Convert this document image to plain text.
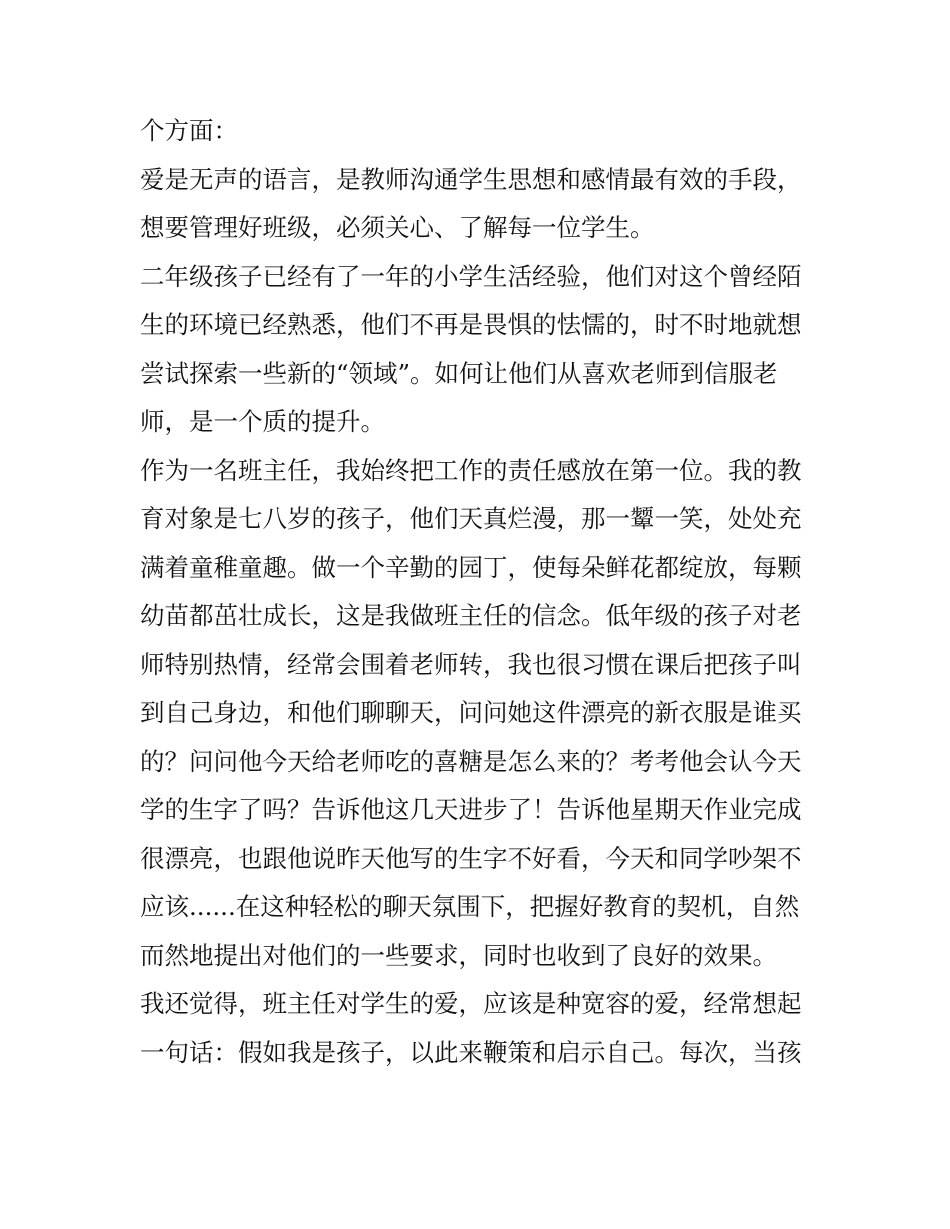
个方面：
爱是无声的语言，是教师沟通学生思想和感情最有效的手段，
想要管理好班级，必须关心、了解每一位学生。
二年级孩子已经有了一年的小学生活经验，他们对这个曾经陌
生的环境已经熟悉，他们不再是畏惧的怯懦的，时不时地就想
尝试探索一些新的“领域”。如何让他们从喜欢老师到信服老
师，是一个质的提升。
作为一名班主任，我始终把工作的责任感放在第一位。我的教
育对象是七八岁的孩子，他们天真烂漫，那一颦一笑，处处充
满着童稚童趣。做一个辛勤的园丁，使每朵鲜花都绽放，每颗
幼苗都茁壮成长，这是我做班主任的信念。低年级的孩子对老
师特别热情，经常会围着老师转，我也很习惯在课后把孩子叫
到自己身边，和他们聊聊天，问问她这件漂亮的新衣服是谁买
的？问问他今天给老师吃的喜糖是怎么来的？考考他会认今天
学的生字了吗？告诉他这几天进步了！告诉他星期天作业完成
很漂亮，也跟他说昨天他写的生字不好看，今天和同学吵架不
应该......在这种轻松的聊天氛围下，把握好教育的契机，自然
而然地提出对他们的一些要求，同时也收到了良好的效果。
我还觉得，班主任对学生的爱，应该是种宽容的爱，经常想起
一句话：假如我是孩子，以此来鞭策和启示自己。每次，当孩
